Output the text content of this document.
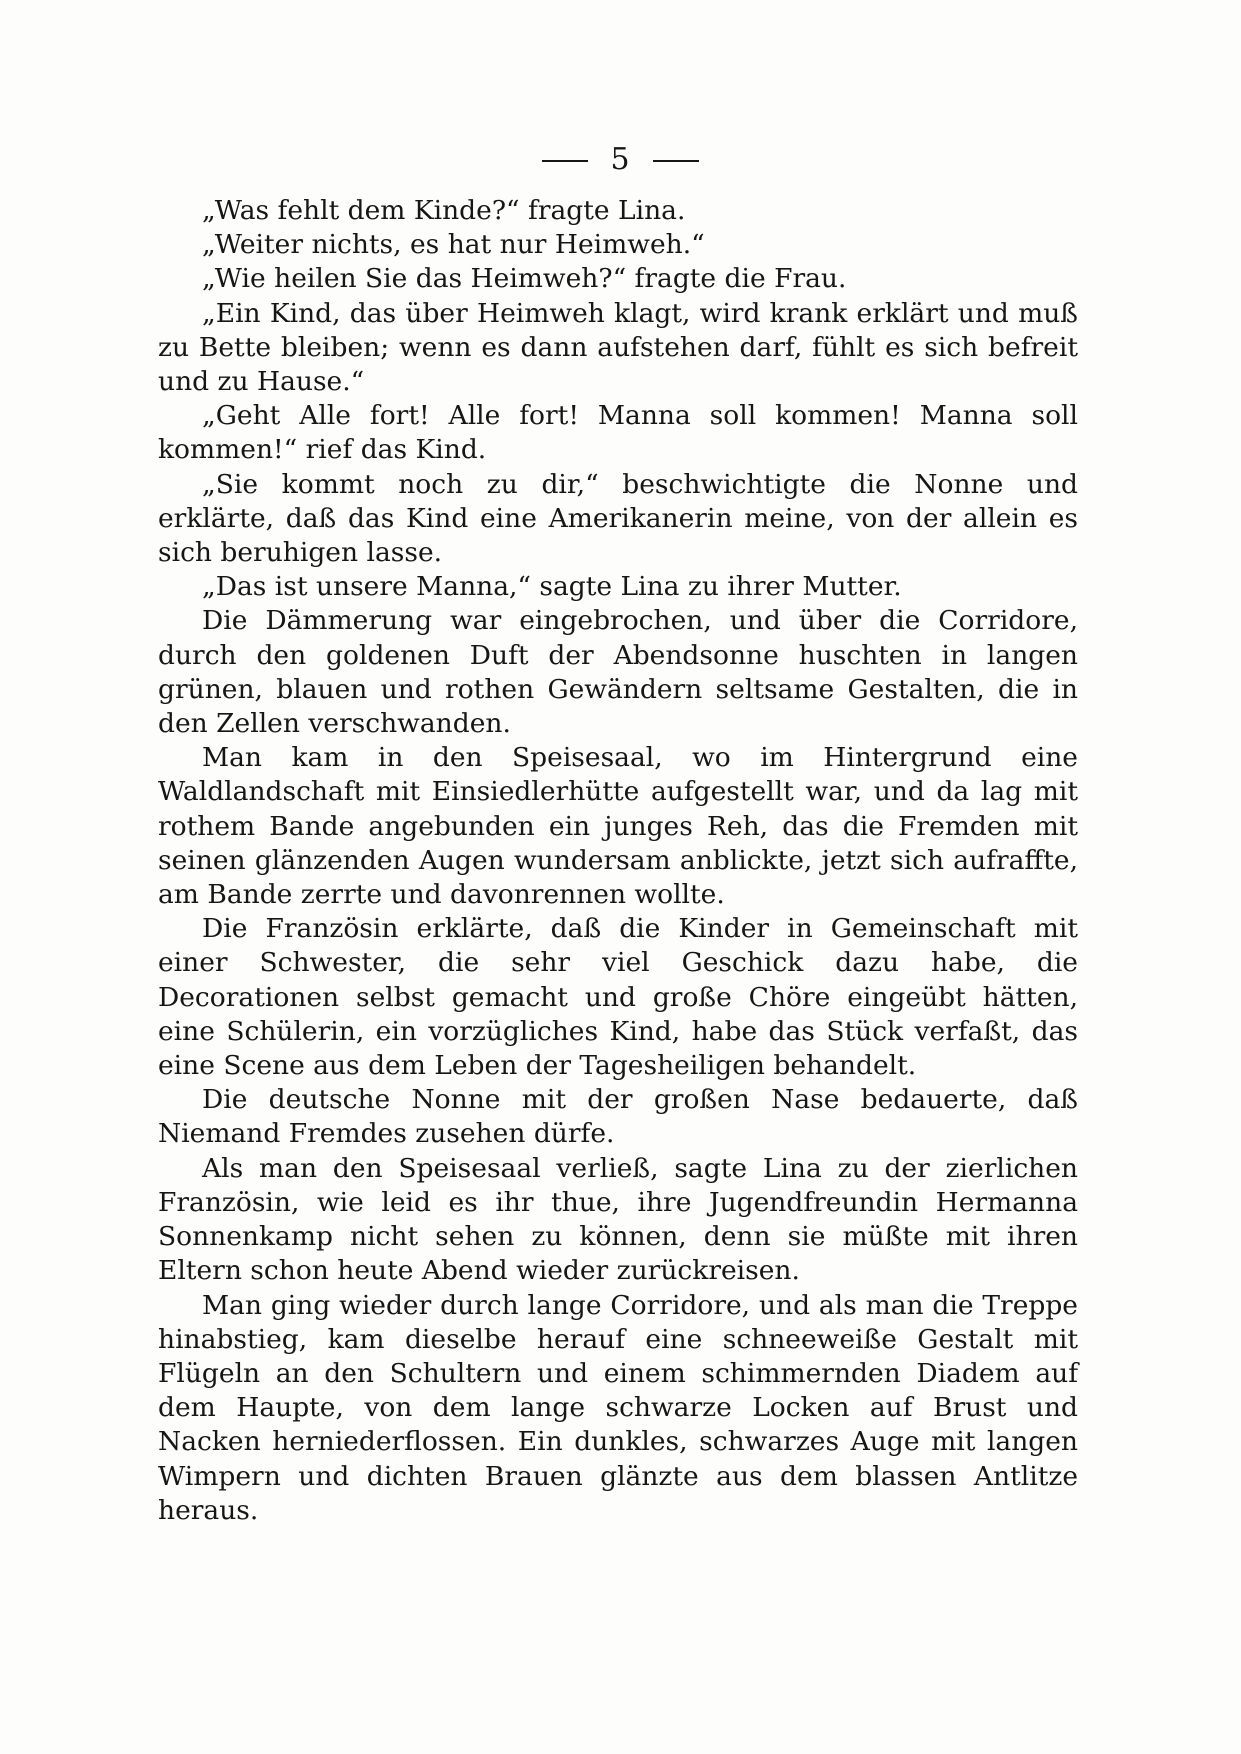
5

„Was fehlt dem Kinde?“ fragte Lina.

„Weiter nichts, es hat nur Heimweh.“

„Wie heilen Sie das Heimweh?“ fragte die Frau.

„Ein Kind, das über Heimweh klagt, wird krank erklärt und muß zu Bette bleiben; wenn es dann aufstehen darf, fühlt es sich befreit und zu Hause.“

„Geht Alle fort! Alle fort! Manna soll kommen! Manna soll kommen!“ rief das Kind.

„Sie kommt noch zu dir,“ beschwichtigte die Nonne und erklärte, daß das Kind eine Amerikanerin meine, von der allein es sich beruhigen lasse.

„Das ist unsere Manna,“ sagte Lina zu ihrer Mutter.

Die Dämmerung war eingebrochen, und über die Corridore, durch den goldenen Duft der Abendsonne huschten in langen grünen, blauen und rothen Gewändern seltsame Gestalten, die in den Zellen verschwanden.

Man kam in den Speisesaal, wo im Hintergrund eine Waldlandschaft mit Einsiedlerhütte aufgestellt war, und da lag mit rothem Bande angebunden ein junges Reh, das die Fremden mit seinen glänzenden Augen wundersam anblickte, jetzt sich aufraffte, am Bande zerrte und davonrennen wollte.

Die Französin erklärte, daß die Kinder in Gemeinschaft mit einer Schwester, die sehr viel Geschick dazu habe, die Decorationen selbst gemacht und große Chöre eingeübt hätten, eine Schülerin, ein vorzügliches Kind, habe das Stück verfaßt, das eine Scene aus dem Leben der Tagesheiligen behandelt.

Die deutsche Nonne mit der großen Nase bedauerte, daß Niemand Fremdes zusehen dürfe.

Als man den Speisesaal verließ, sagte Lina zu der zierlichen Französin, wie leid es ihr thue, ihre Jugendfreundin Hermanna Sonnenkamp nicht sehen zu können, denn sie müßte mit ihren Eltern schon heute Abend wieder zurückreisen.

Man ging wieder durch lange Corridore, und als man die Treppe hinabstieg, kam dieselbe herauf eine schneeweiße Gestalt mit Flügeln an den Schultern und einem schimmernden Diadem auf dem Haupte, von dem lange schwarze Locken auf Brust und Nacken herniederflossen. Ein dunkles, schwarzes Auge mit langen Wimpern und dichten Brauen glänzte aus dem blassen Antlitze heraus.
